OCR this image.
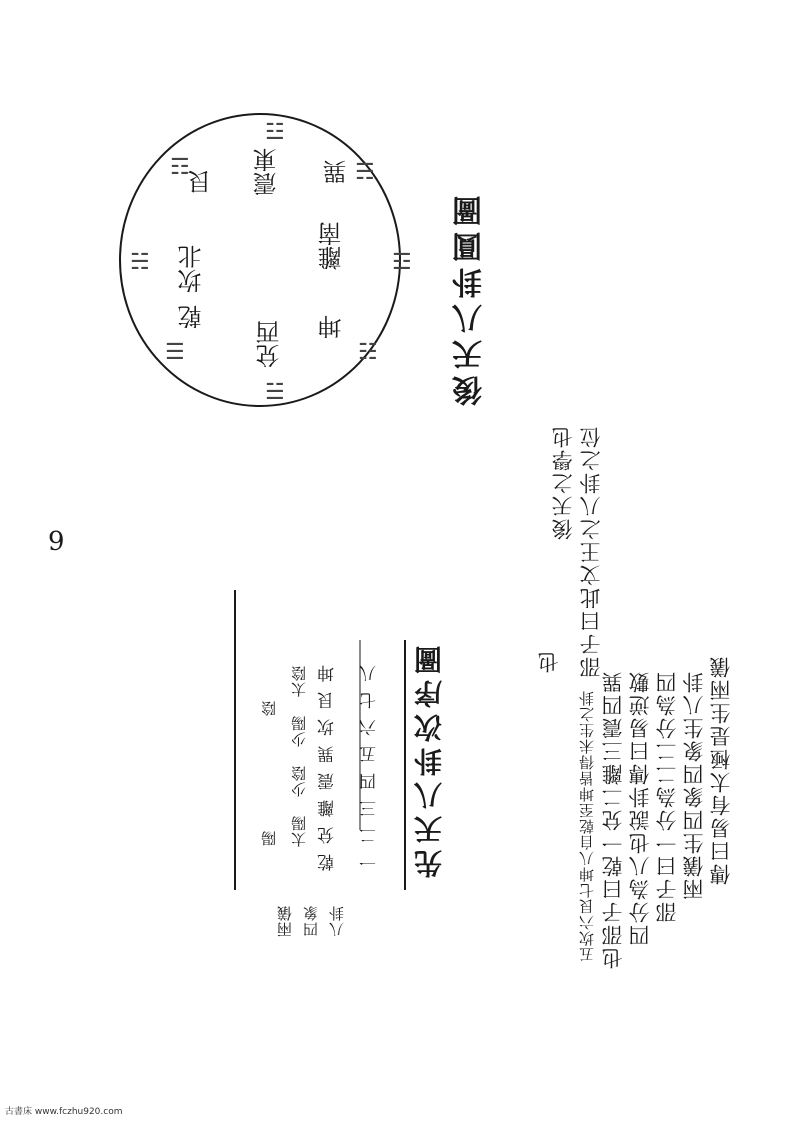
震東
離南
巽
坤
兌西
乾
坎北
艮
☳
☴
☲
☷
☱
☰
☵
☶
後天八卦圓圖
邵子曰此文王之八卦之位
後天之學也
6
傳曰易有太極是生兩儀
兩儀生四象四象生八卦
邵子曰一分為二二分為四
四分為八也說卦傳曰易逆數
也邵子曰乾一兌二離三震四巽
五坎六艮七坤八自乾至坤皆得未生之卦
也
先天八卦次序圖
一二三四五六七八
乾兌離震巽坎艮坤
太陰
少陽
少陰
太陽
陰
陽
八卦
四象
兩儀
古書床 www.fczhu920.com
